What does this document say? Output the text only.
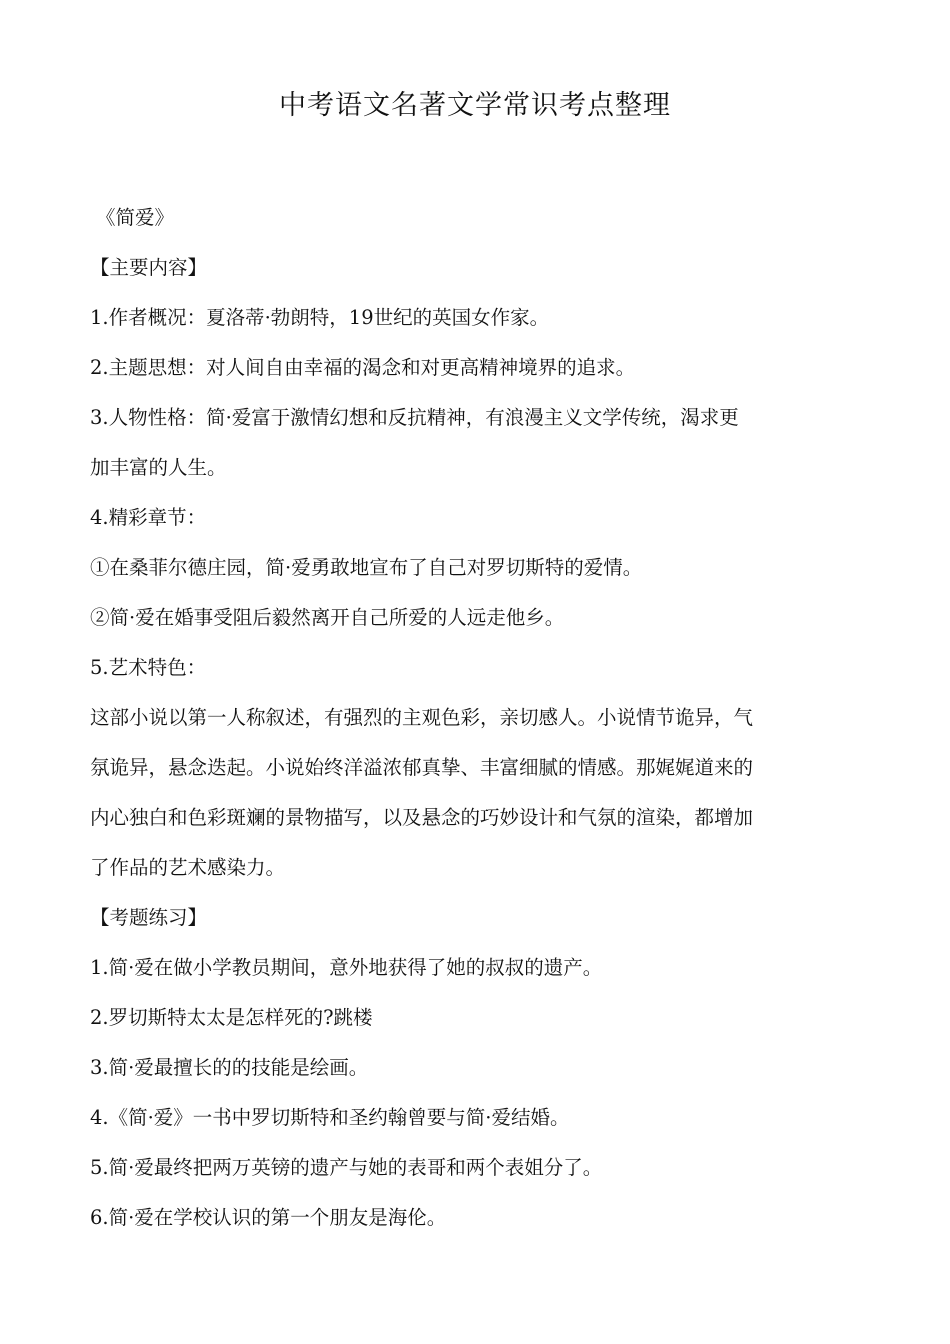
中考语文名著文学常识考点整理
《简爱》
【主要内容】
1.作者概况：夏洛蒂·勃朗特，19世纪的英国女作家。
2.主题思想：对人间自由幸福的渴念和对更高精神境界的追求。
3.人物性格：简·爱富于激情幻想和反抗精神，有浪漫主义文学传统，渴求更
加丰富的人生。
4.精彩章节：
①在桑菲尔德庄园，简·爱勇敢地宣布了自己对罗切斯特的爱情。
②简·爱在婚事受阻后毅然离开自己所爱的人远走他乡。
5.艺术特色：
这部小说以第一人称叙述，有强烈的主观色彩，亲切感人。小说情节诡异，气
氛诡异，悬念迭起。小说始终洋溢浓郁真挚、丰富细腻的情感。那娓娓道来的
内心独白和色彩斑斓的景物描写，以及悬念的巧妙设计和气氛的渲染，都增加
了作品的艺术感染力。
【考题练习】
1.简·爱在做小学教员期间，意外地获得了她的叔叔的遗产。
2.罗切斯特太太是怎样死的?跳楼
3.简·爱最擅长的的技能是绘画。
4.《简·爱》一书中罗切斯特和圣约翰曾要与简·爱结婚。
5.简·爱最终把两万英镑的遗产与她的表哥和两个表姐分了。
6.简·爱在学校认识的第一个朋友是海伦。
